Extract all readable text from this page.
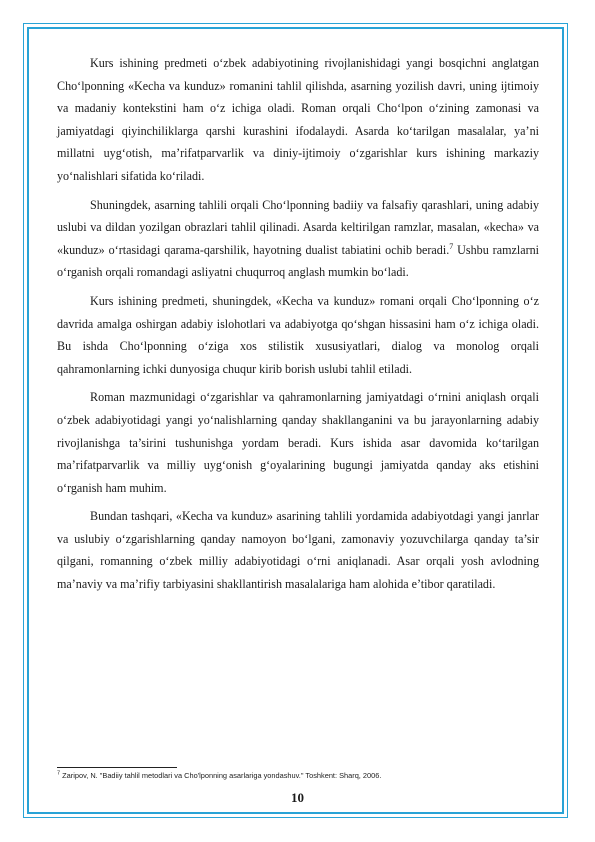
Kurs ishining predmeti o‘zbek adabiyotining rivojlanishidagi yangi bosqichni anglatgan Cho‘lponning «Kecha va kunduz» romanini tahlil qilishda, asarning yozilish davri, uning ijtimoiy va madaniy kontekstini ham o‘z ichiga oladi. Roman orqali Cho‘lpon o‘zining zamonasi va jamiyatdagi qiyinchiliklarga qarshi kurashini ifodalaydi. Asarda ko‘tarilgan masalalar, ya’ni millatni uyg‘otish, ma’rifatparvarlik va diniy-ijtimoiy o‘zgarishlar kurs ishining markaziy yo‘nalishlari sifatida ko‘riladi.

Shuningdek, asarning tahlili orqali Cho‘lponning badiiy va falsafiy qarashlari, uning adabiy uslubi va dildan yozilgan obrazlari tahlil qilinadi. Asarda keltirilgan ramzlar, masalan, «kecha» va «kunduz» o‘rtasidagi qarama-qarshilik, hayotning dualist tabiatini ochib beradi.$^7$ Ushbu ramzlarni o‘rganish orqali romandagi asliyatni chuqurroq anglash mumkin bo‘ladi.

Kurs ishining predmeti, shuningdek, «Kecha va kunduz» romani orqali Cho‘lponning o‘z davrida amalga oshirgan adabiy islohotlari va adabiyotga qo‘shgan hissasini ham o‘z ichiga oladi. Bu ishda Cho‘lponning o‘ziga xos stilistik xususiyatlari, dialog va monolog orqali qahramonlarning ichki dunyosiga chuqur kirib borish uslubi tahlil etiladi.

Roman mazmunidagi o‘zgarishlar va qahramonlarning jamiyatdagi o‘rnini aniqlash orqali o‘zbek adabiyotidagi yangi yo‘nalishlarning qanday shakllanganini va bu jarayonlarning adabiy rivojlanishga ta’sirini tushunishga yordam beradi. Kurs ishida asar davomida ko‘tarilgan ma’rifatparvarlik va milliy uyg‘onish g‘oyalarining bugungi jamiyatda qanday aks etishini o‘rganish ham muhim.

Bundan tashqari, «Kecha va kunduz» asarining tahlili yordamida adabiyotdagi yangi janrlar va uslubiy o‘zgarishlarning qanday namoyon bo‘lgani, zamonaviy yozuvchilarga qanday ta’sir qilgani, romanning o‘zbek milliy adabiyotidagi o‘rni aniqlanadi. Asar orqali yosh avlodning ma’naviy va ma’rifiy tarbiyasini shakllantirish masalalariga ham alohida e’tibor qaratiladi.

$^7$ Zaripov, N. "Badiiy tahlil metodlari va Cho'lponning asarlariga yondashuv." Toshkent: Sharq, 2006.
10
